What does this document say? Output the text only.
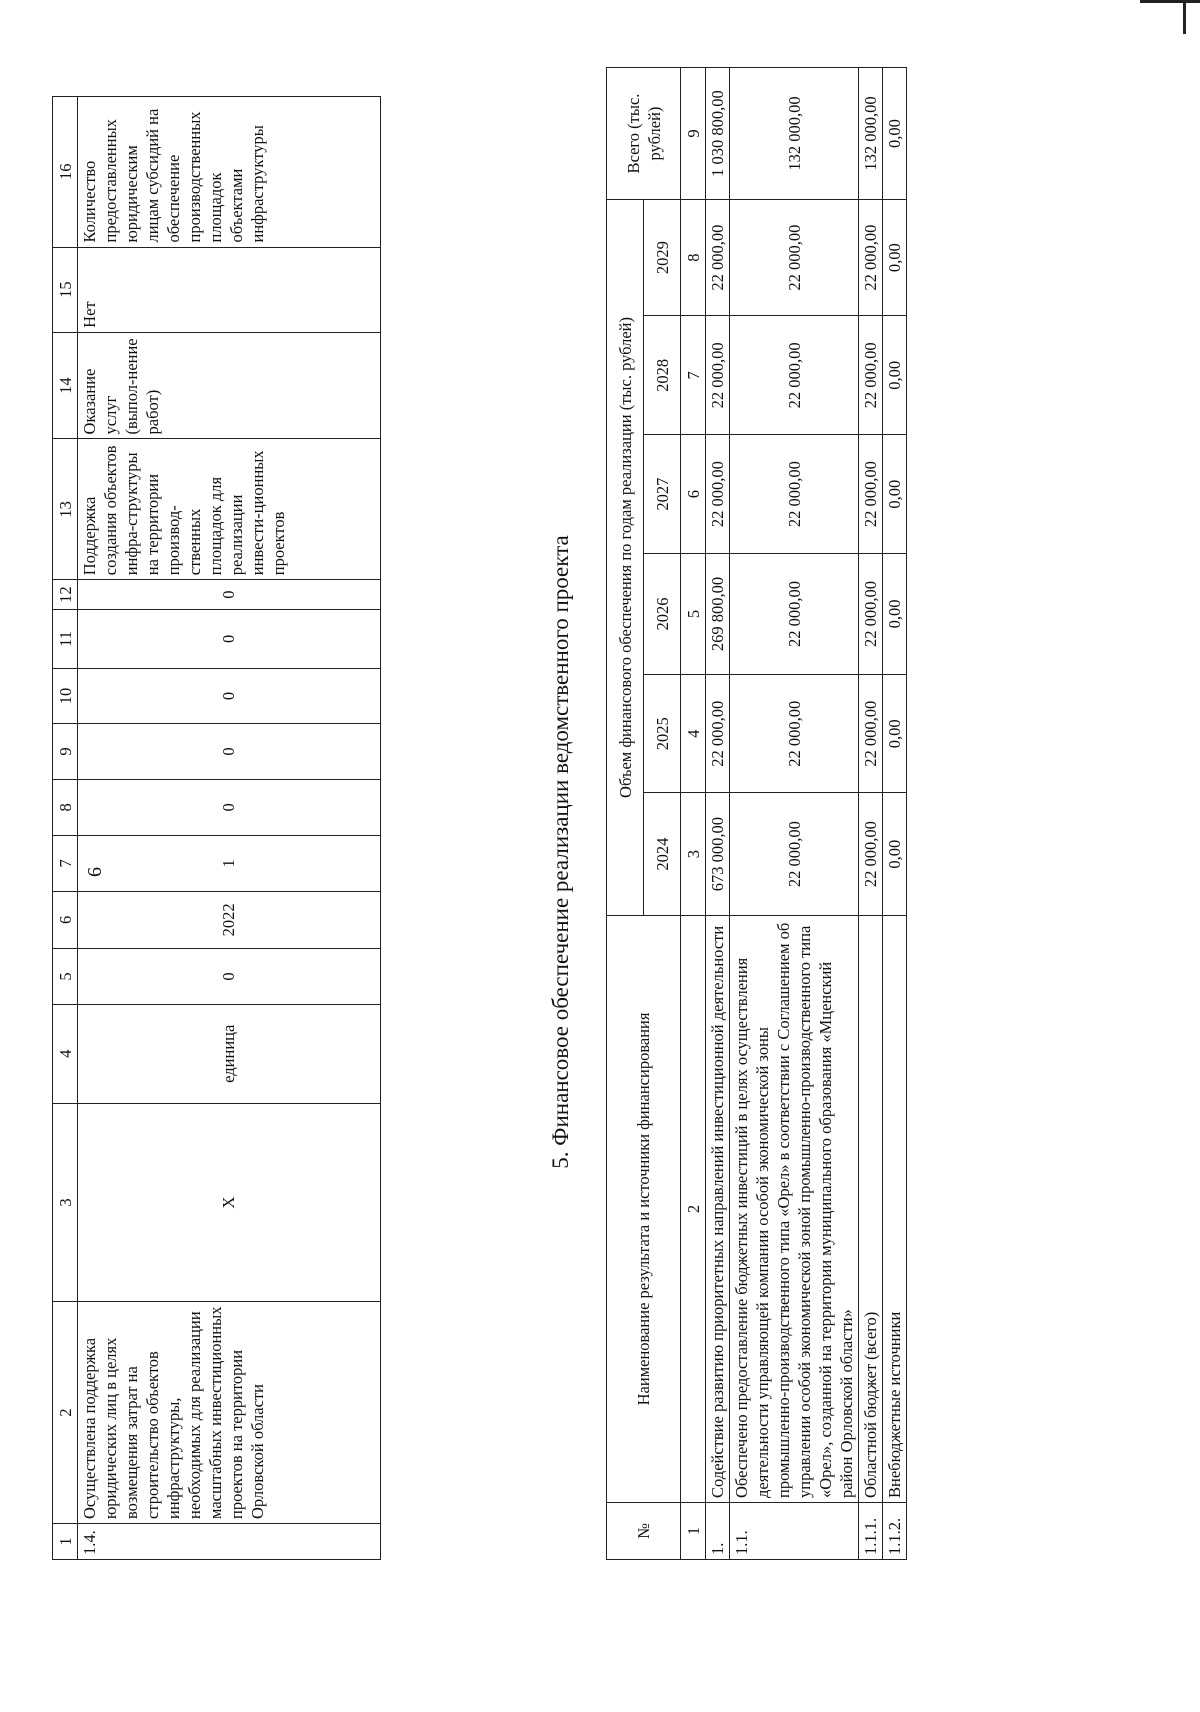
6
1	2	3	4	5	6	7	8	9	10	11	12	13	14	15	16
1.4.	Осуществлена поддержка юридических лиц в целях возмещения затрат на строительство объектов инфраструктуры, необходимых для реализации масштабных инвестиционных проектов на территории Орловской области	Х	единица	0	2022	1	0	0	0	0	0	Поддержка создания объектов инфра-структуры на территории производ-ственных площадок для реализации инвести-ционных проектов	Оказание услуг (выпол-нение работ)	Нет	Количество предоставленных юридическим лицам субсидий на обеспечение производственных площадок объектами инфраструктуры
5. Финансовое обеспечение реализации ведомственного проекта
№	Наименование результата и источники финансирования	Объем финансового обеспечения по годам реализации (тыс. рублей)						Всего (тыс. рублей)
		2024	2025	2026	2027	2028	2029	
1	2	3	4	5	6	7	8	9
1.	Содействие развитию приоритетных направлений инвестиционной деятельности	673 000,00	22 000,00	269 800,00	22 000,00	22 000,00	22 000,00	1 030 800,00
1.1.	Обеспечено предоставление бюджетных инвестиций в целях осуществления деятельности управляющей компании особой экономической зоны промышленно-производственного типа «Орел» в соответствии с Соглашением об управлении особой экономической зоной промышленно-производственного типа «Орел», созданной на территории муниципального образования «Мценский район Орловской области»	22 000,00	22 000,00	22 000,00	22 000,00	22 000,00	22 000,00	132 000,00
1.1.1.	Областной бюджет (всего)	22 000,00	22 000,00	22 000,00	22 000,00	22 000,00	22 000,00	132 000,00
1.1.2.	Внебюджетные источники	0,00	0,00	0,00	0,00	0,00	0,00	0,00
